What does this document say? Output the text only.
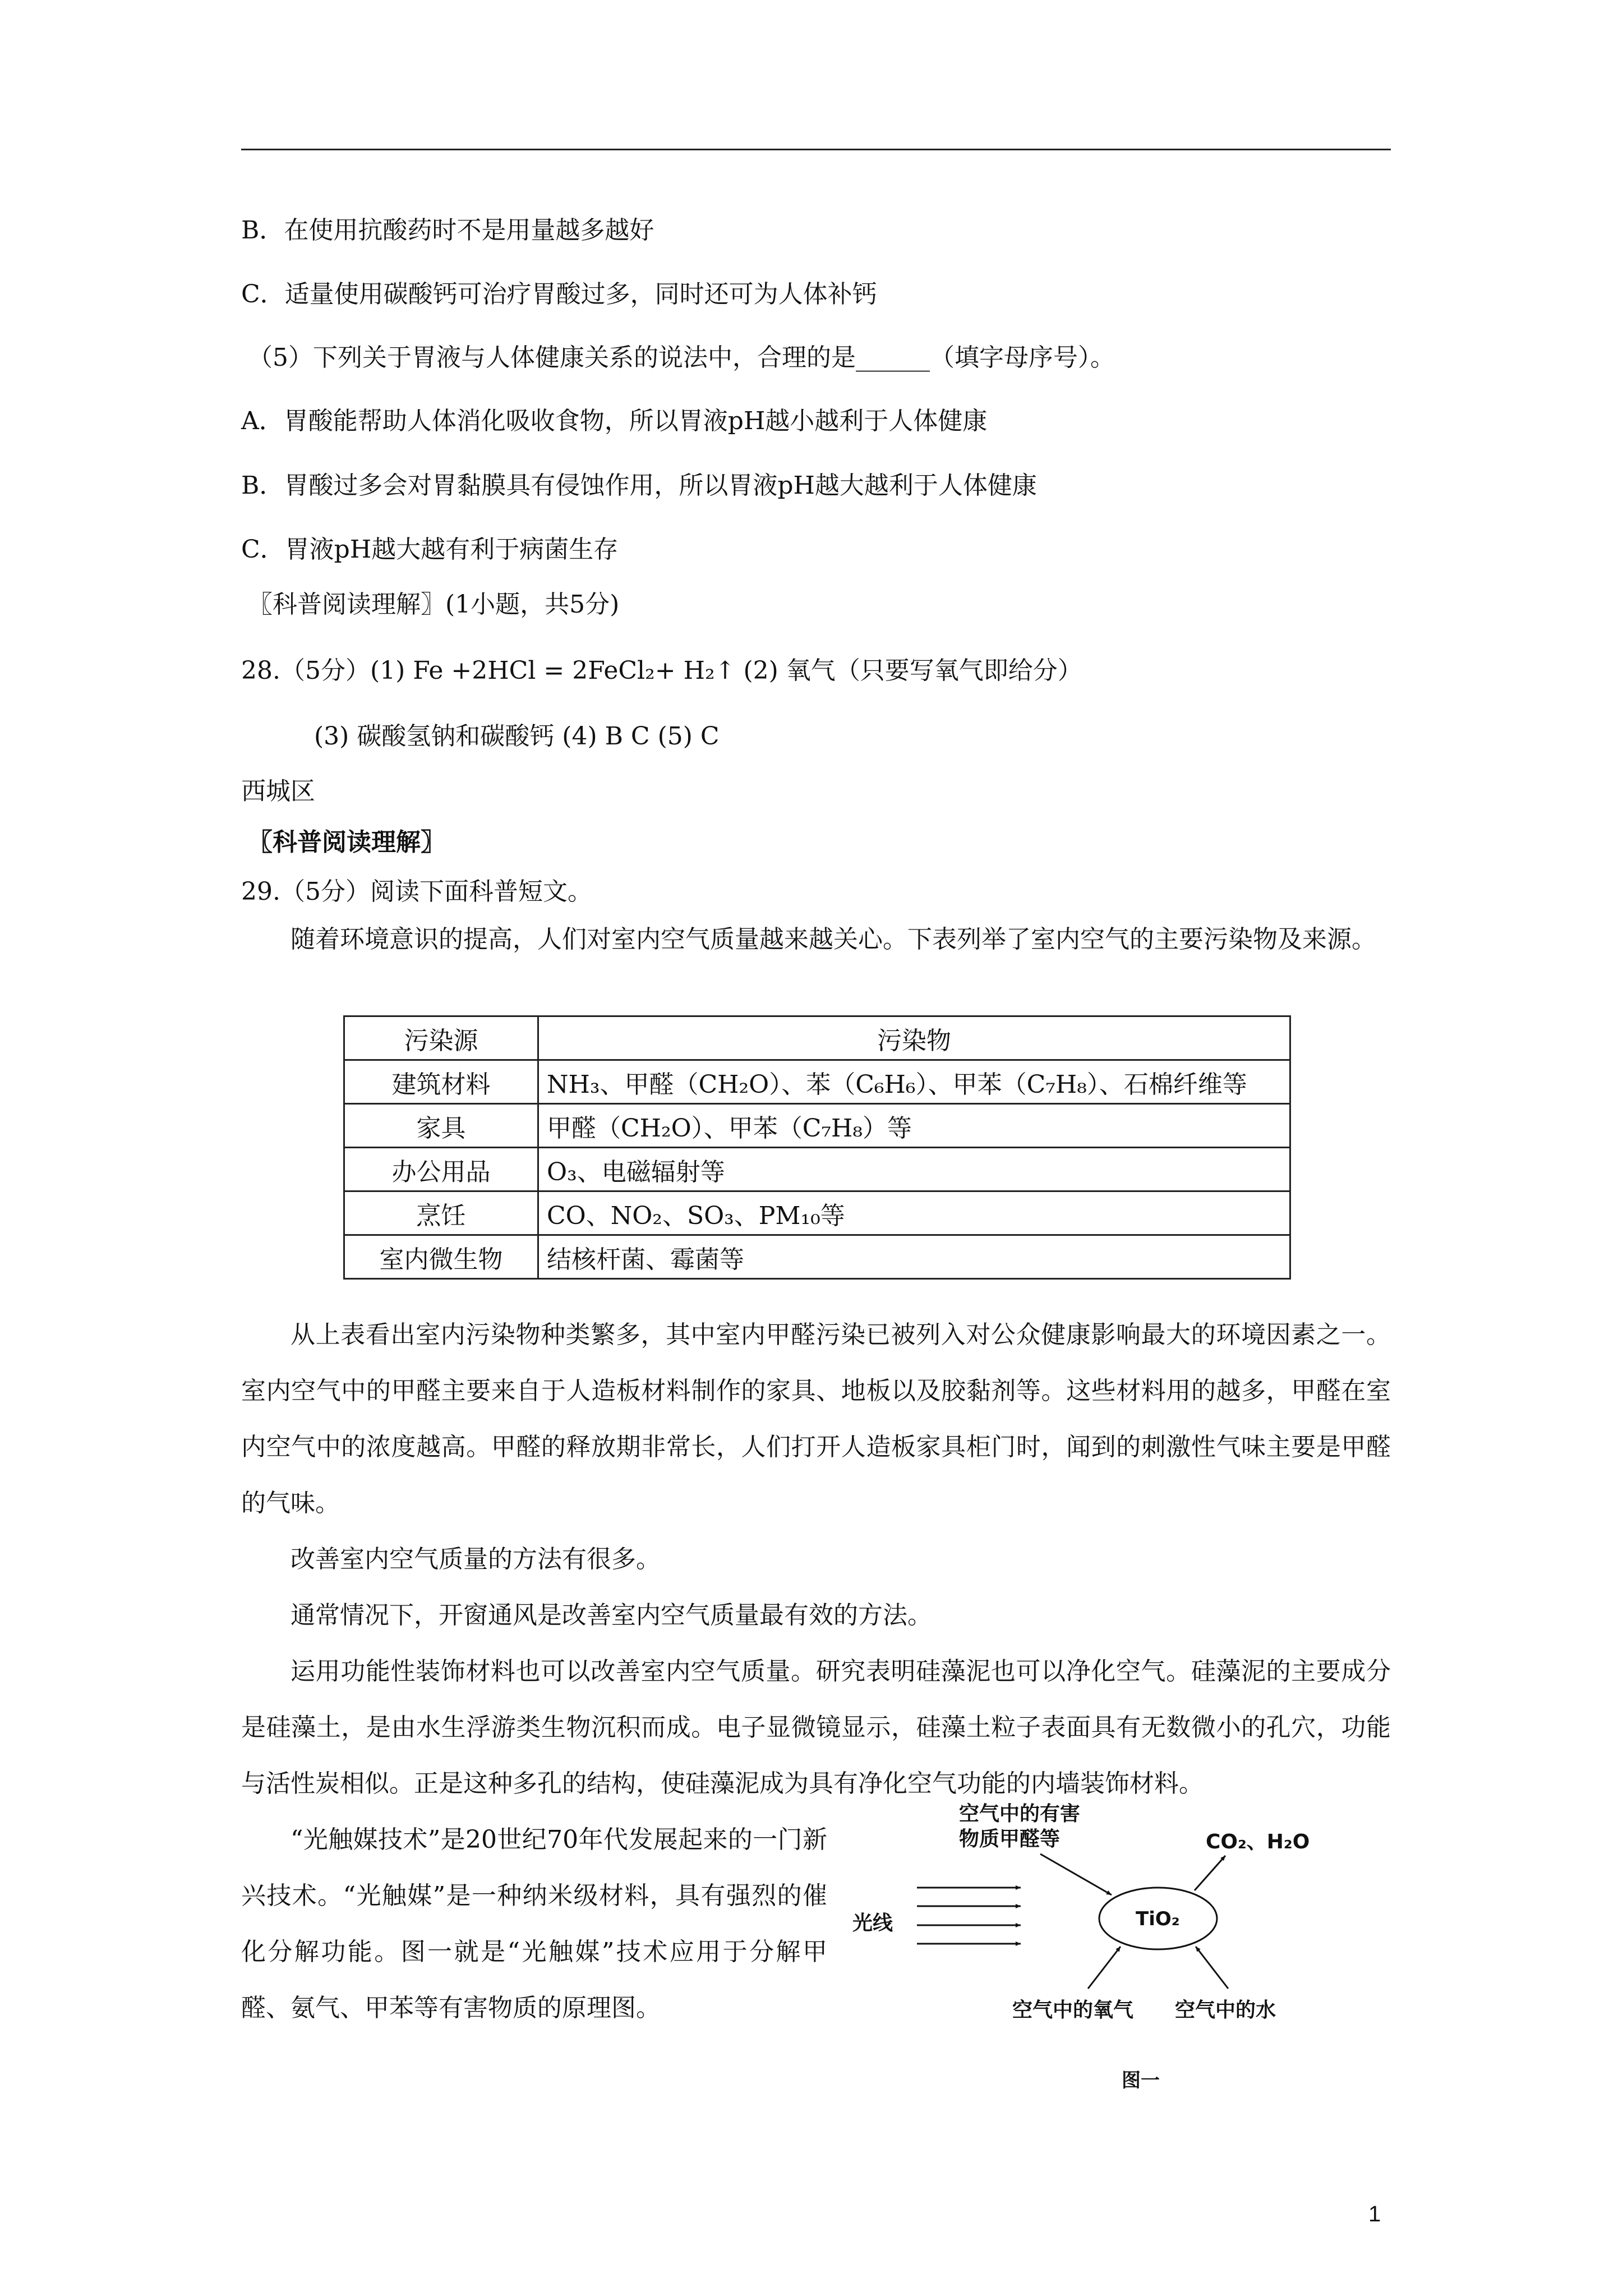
B．在使用抗酸药时不是用量越多越好
C．适量使用碳酸钙可治疗胃酸过多，同时还可为人体补钙
（5）下列关于胃液与人体健康关系的说法中，合理的是______（填字母序号）。
A．胃酸能帮助人体消化吸收食物，所以胃液pH越小越利于人体健康
B．胃酸过多会对胃黏膜具有侵蚀作用，所以胃液pH越大越利于人体健康
C．胃液pH越大越有利于病菌生存
〖科普阅读理解〗(1小题，共5分)
28.（5分）(1) Fe +2HCl = 2FeCl₂+ H₂↑ (2) 氧气（只要写氧气即给分）
(3) 碳酸氢钠和碳酸钙 (4) B C (5) C
西城区
〖科普阅读理解〗
29.（5分）阅读下面科普短文。

随着环境意识的提高，人们对室内空气质量越来越关心。下表列举了室内空气的主要污染物及来源。

污染源	污染物
建筑材料	NH₃、甲醛（CH₂O）、苯（C₆H₆）、甲苯（C₇H₈）、石棉纤维等
家具	甲醛（CH₂O）、甲苯（C₇H₈）等
办公用品	O₃、电磁辐射等
烹饪	CO、NO₂、SO₃、PM₁₀等
室内微生物	结核杆菌、霉菌等

从上表看出室内污染物种类繁多，其中室内甲醛污染已被列入对公众健康影响最大的环境因素之一。室内空气中的甲醛主要来自于人造板材料制作的家具、地板以及胶黏剂等。这些材料用的越多，甲醛在室内空气中的浓度越高。甲醛的释放期非常长，人们打开人造板家具柜门时，闻到的刺激性气味主要是甲醛的气味。

改善室内空气质量的方法有很多。

通常情况下，开窗通风是改善室内空气质量最有效的方法。

运用功能性装饰材料也可以改善室内空气质量。研究表明硅藻泥也可以净化空气。硅藻泥的主要成分是硅藻土，是由水生浮游类生物沉积而成。电子显微镜显示，硅藻土粒子表面具有无数微小的孔穴，功能与活性炭相似。正是这种多孔的结构，使硅藻泥成为具有净化空气功能的内墙装饰材料。

“光触媒技术”是20世纪70年代发展起来的一门新兴技术。“光触媒”是一种纳米级材料，具有强烈的催化分解功能。图一就是“光触媒”技术应用于分解甲醛、氨气、甲苯等有害物质的原理图。

空气中的有害
物质甲醛等	CO₂、H₂O
光线	TiO₂
空气中的氧气 空气中的水
图一
1
